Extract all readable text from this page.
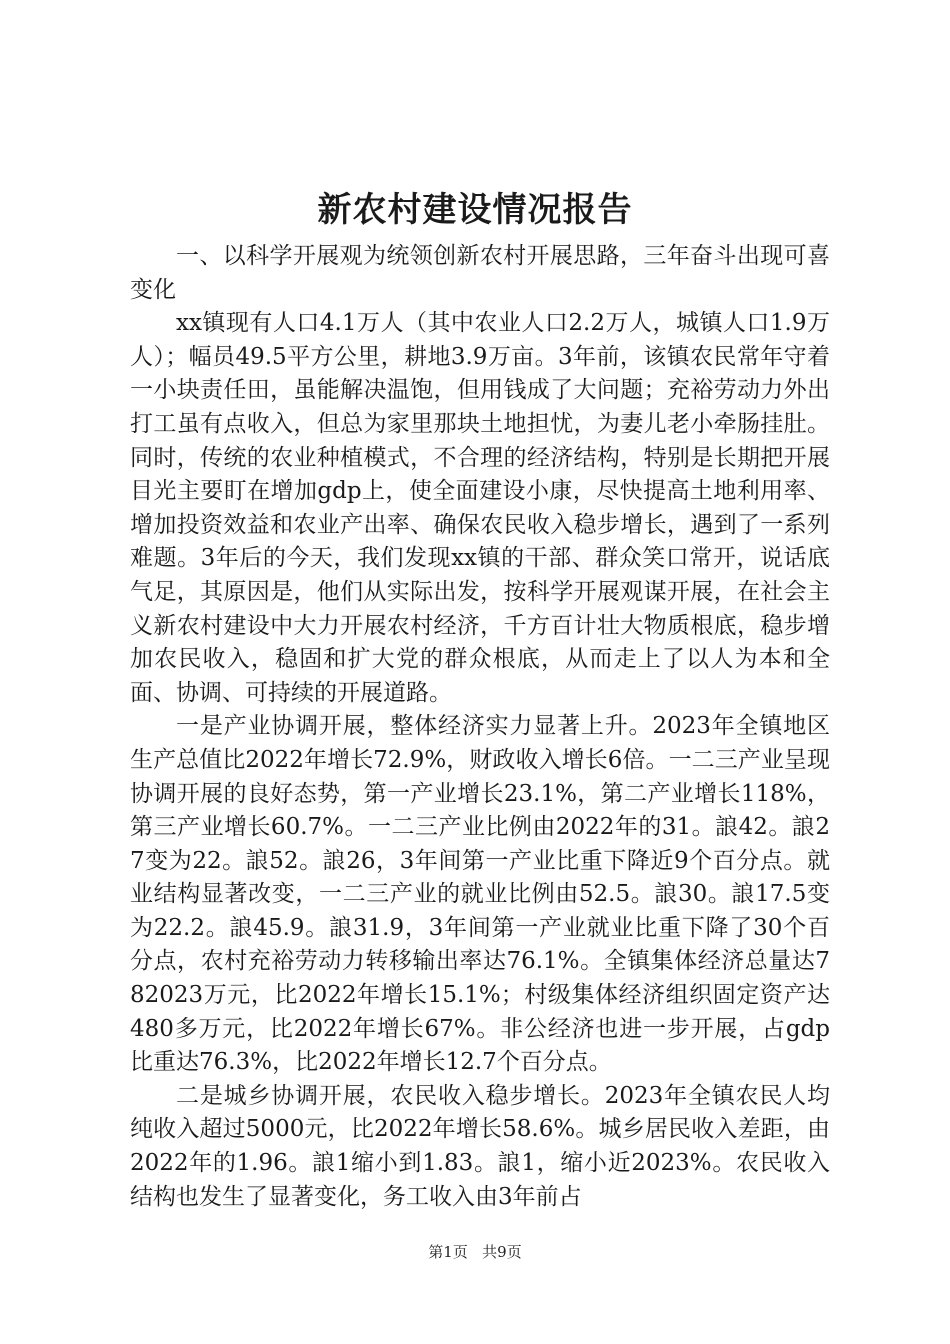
新农村建设情况报告

一、以科学开展观为统领创新农村开展思路，三年奋斗出现可喜变化

xx镇现有人口4.1万人（其中农业人口2.2万人，城镇人口1.9万人）；幅员49.5平方公里，耕地3.9万亩。3年前，该镇农民常年守着一小块责任田，虽能解决温饱，但用钱成了大问题；充裕劳动力外出打工虽有点收入，但总为家里那块土地担忧，为妻儿老小牵肠挂肚。同时，传统的农业种植模式，不合理的经济结构，特别是长期把开展目光主要盯在增加gdp上，使全面建设小康，尽快提高土地利用率、增加投资效益和农业产出率、确保农民收入稳步增长，遇到了一系列难题。3年后的今天，我们发现xx镇的干部、群众笑口常开，说话底气足，其原因是，他们从实际出发，按科学开展观谋开展，在社会主义新农村建设中大力开展农村经济，千方百计壮大物质根底，稳步增加农民收入，稳固和扩大党的群众根底，从而走上了以人为本和全面、协调、可持续的开展道路。

一是产业协调开展，整体经济实力显著上升。2023年全镇地区生产总值比2022年增长72.9%，财政收入增长6倍。一二三产业呈现协调开展的良好态势，第一产业增长23.1%，第二产业增长118%，第三产业增长60.7%。一二三产业比例由2022年的31。誏42。誏27变为22。誏52。誏26，3年间第一产业比重下降近9个百分点。就业结构显著改变，一二三产业的就业比例由52.5。誏30。誏17.5变为22.2。誏45.9。誏31.9，3年间第一产业就业比重下降了30个百分点，农村充裕劳动力转移输出率达76.1%。全镇集体经济总量达782023万元，比2022年增长15.1%；村级集体经济组织固定资产达480多万元，比2022年增长67%。非公经济也进一步开展，占gdp比重达76.3%，比2022年增长12.7个百分点。

二是城乡协调开展，农民收入稳步增长。2023年全镇农民人均纯收入超过5000元，比2022年增长58.6%。城乡居民收入差距，由2022年的1.96。誏1缩小到1.83。誏1，缩小近2023%。农民收入结构也发生了显著变化，务工收入由3年前占

第1页 共9页
